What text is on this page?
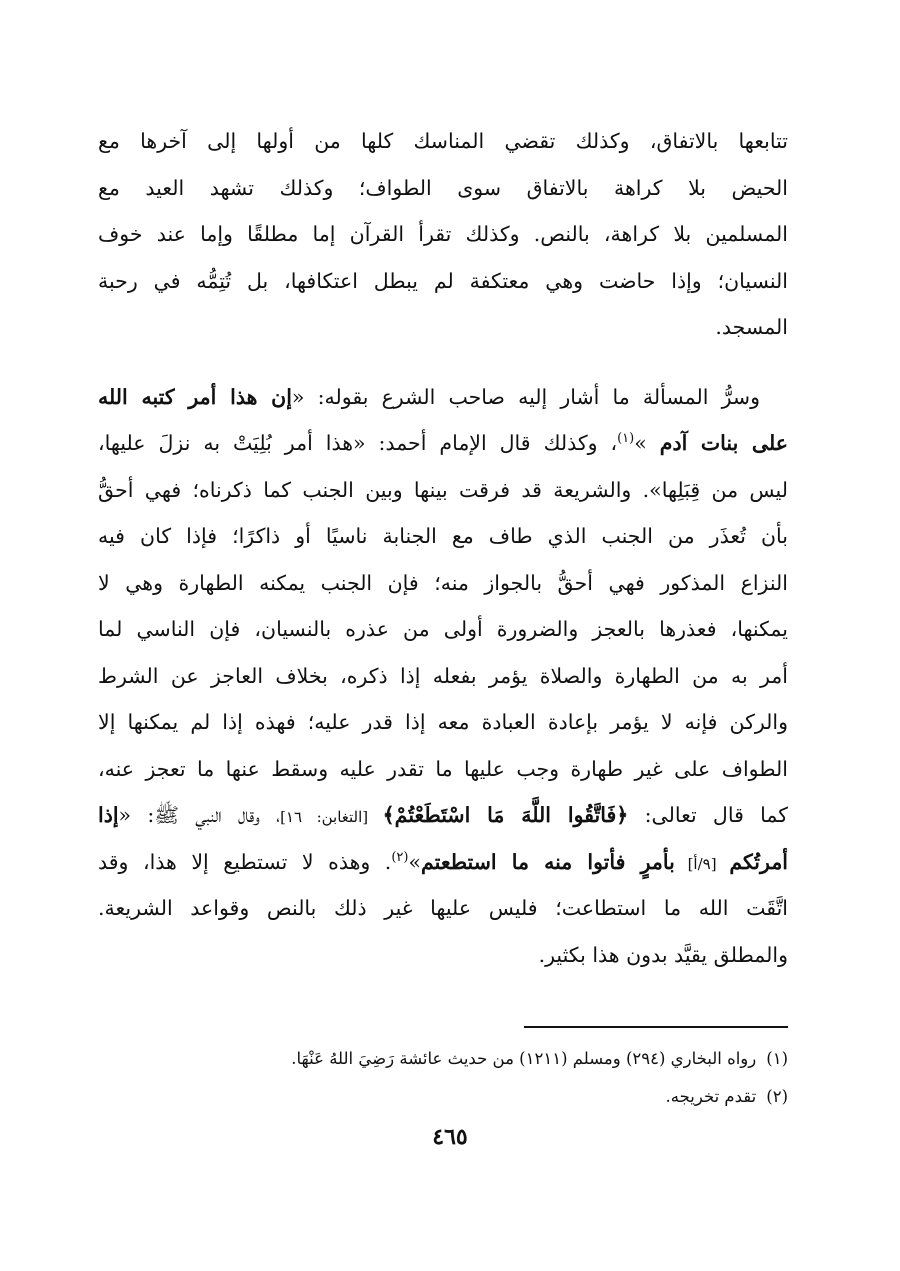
تتابعها بالاتفاق، وكذلك تقضي المناسك كلها من أولها إلى آخرها مع
الحيض بلا كراهة بالاتفاق سوى الطواف؛ وكذلك تشهد العيد مع
المسلمين بلا كراهة، بالنص. وكذلك تقرأ القرآن إما مطلقًا وإما عند خوف
النسيان؛ وإذا حاضت وهي معتكفة لم يبطل اعتكافها، بل تُتِمُّه في رحبة
المسجد.
وسرُّ المسألة ما أشار إليه صاحب الشرع بقوله: «إن هذا أمر كتبه الله
على بنات آدم »$^{(١)}$، وكذلك قال الإمام أحمد: «هذا أمر بُلِيَتْ به نزلَ عليها،
ليس من قِبَلِها». والشريعة قد فرقت بينها وبين الجنب كما ذكرناه؛ فهي أحقُّ
بأن تُعذَر من الجنب الذي طاف مع الجنابة ناسيًا أو ذاكرًا؛ فإذا كان فيه
النزاع المذكور فهي أحقُّ بالجواز منه؛ فإن الجنب يمكنه الطهارة وهي لا
يمكنها، فعذرها بالعجز والضرورة أولى من عذره بالنسيان، فإن الناسي لما
أمر به من الطهارة والصلاة يؤمر بفعله إذا ذكره، بخلاف العاجز عن الشرط
والركن فإنه لا يؤمر بإعادة العبادة معه إذا قدر عليه؛ فهذه إذا لم يمكنها إلا
الطواف على غير طهارة وجب عليها ما تقدر عليه وسقط عنها ما تعجز عنه،
كما قال تعالى: ﴿فَاتَّقُوا اللَّهَ مَا اسْتَطَعْتُمْ﴾ [التغابن: ١٦]، وقال النبي ﷺ: «إذا
أمرتُكم [٩/أ] بأمرٍ فأتوا منه ما استطعتم»$^{(٢)}$. وهذه لا تستطيع إلا هذا، وقد
اتَّقَت الله ما استطاعت؛ فليس عليها غير ذلك بالنص وقواعد الشريعة.
والمطلق يقيَّد بدون هذا بكثير.
(١)رواه البخاري (٢٩٤) ومسلم (١٢١١) من حديث عائشة رَضِيَ اللهُ عَنْهَا.
(٢)تقدم تخريجه.
٤٦٥
